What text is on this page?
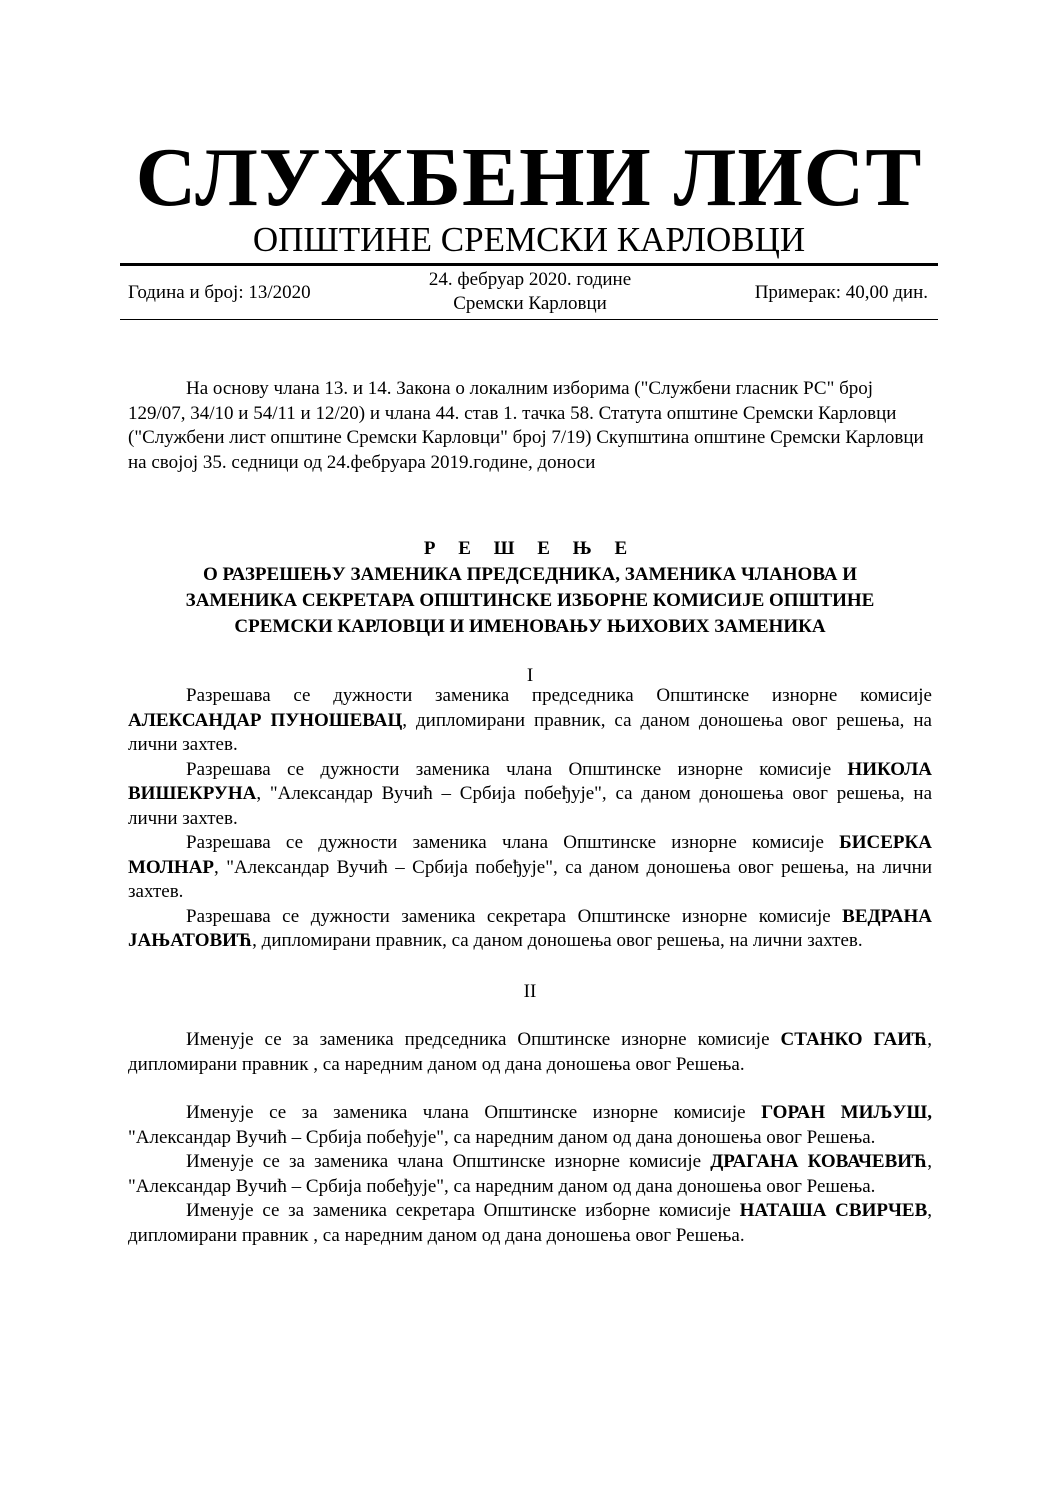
СЛУЖБЕНИ ЛИСТ
ОПШТИНЕ СРЕМСКИ КАРЛОВЦИ
Година и број: 13/2020
24. фебруар 2020. године
Сремски Карловци
Примерак: 40,00 дин.

На основу члана 13. и 14. Закона о локалним изборима ("Службени гласник РС" број 129/07, 34/10 и 54/11 и 12/20) и члана 44. став 1. тачка 58. Статута општине Сремски Карловци ("Службени лист општине Сремски Карловци" број 7/19) Скупштина општине Сремски Карловци на својој 35. седници од 24.фебруара 2019.године, доноси

Р Е Ш Е Њ Е
О РАЗРЕШЕЊУ ЗАМЕНИКА ПРЕДСЕДНИКА, ЗАМЕНИКА ЧЛАНОВА И
ЗАМЕНИКА СЕКРЕТАРА ОПШТИНСКЕ ИЗБОРНЕ КОМИСИЈЕ ОПШТИНЕ
СРЕМСКИ КАРЛОВЦИ И ИМЕНОВАЊУ ЊИХОВИХ ЗАМЕНИКА
I

Разрешава се дужности заменика председника Општинске изнорне комисије АЛЕКСАНДАР ПУНОШЕВАЦ, дипломирани правник, са даном доношења овог решења, на лични захтев.

Разрешава се дужности заменика члана Општинске изнорне комисије НИКОЛА ВИШЕКРУНА, "Александар Вучић – Србија побеђује", са даном доношења овог решења, на лични захтев.

Разрешава се дужности заменика члана Општинске изнорне комисије БИСЕРКА МОЛНАР, "Александар Вучић – Србија побеђује", са даном доношења овог решења, на лични захтев.

Разрешава се дужности заменика секретара Општинске изнорне комисије ВЕДРАНА ЈАЊАТОВИЋ, дипломирани правник, са даном доношења овог решења, на лични захтев.

II

Именује се за заменика председника Општинске изнорне комисије СТАНКО ГАИЋ, дипломирани правник , са наредним даном од дана доношења овог Решења.

Именује се за заменика члана Општинске изнорне комисије ГОРАН МИЉУШ, "Александар Вучић – Србија побеђује", са наредним даном од дана доношења овог Решења.

Именује се за заменика члана Општинске изнорне комисије ДРАГАНА КОВАЧЕВИЋ, "Александар Вучић – Србија побеђује", са наредним даном од дана доношења овог Решења.

Именује се за заменика секретара Општинске изборне комисије НАТАША СВИРЧЕВ, дипломирани правник , са наредним даном од дана доношења овог Решења.
